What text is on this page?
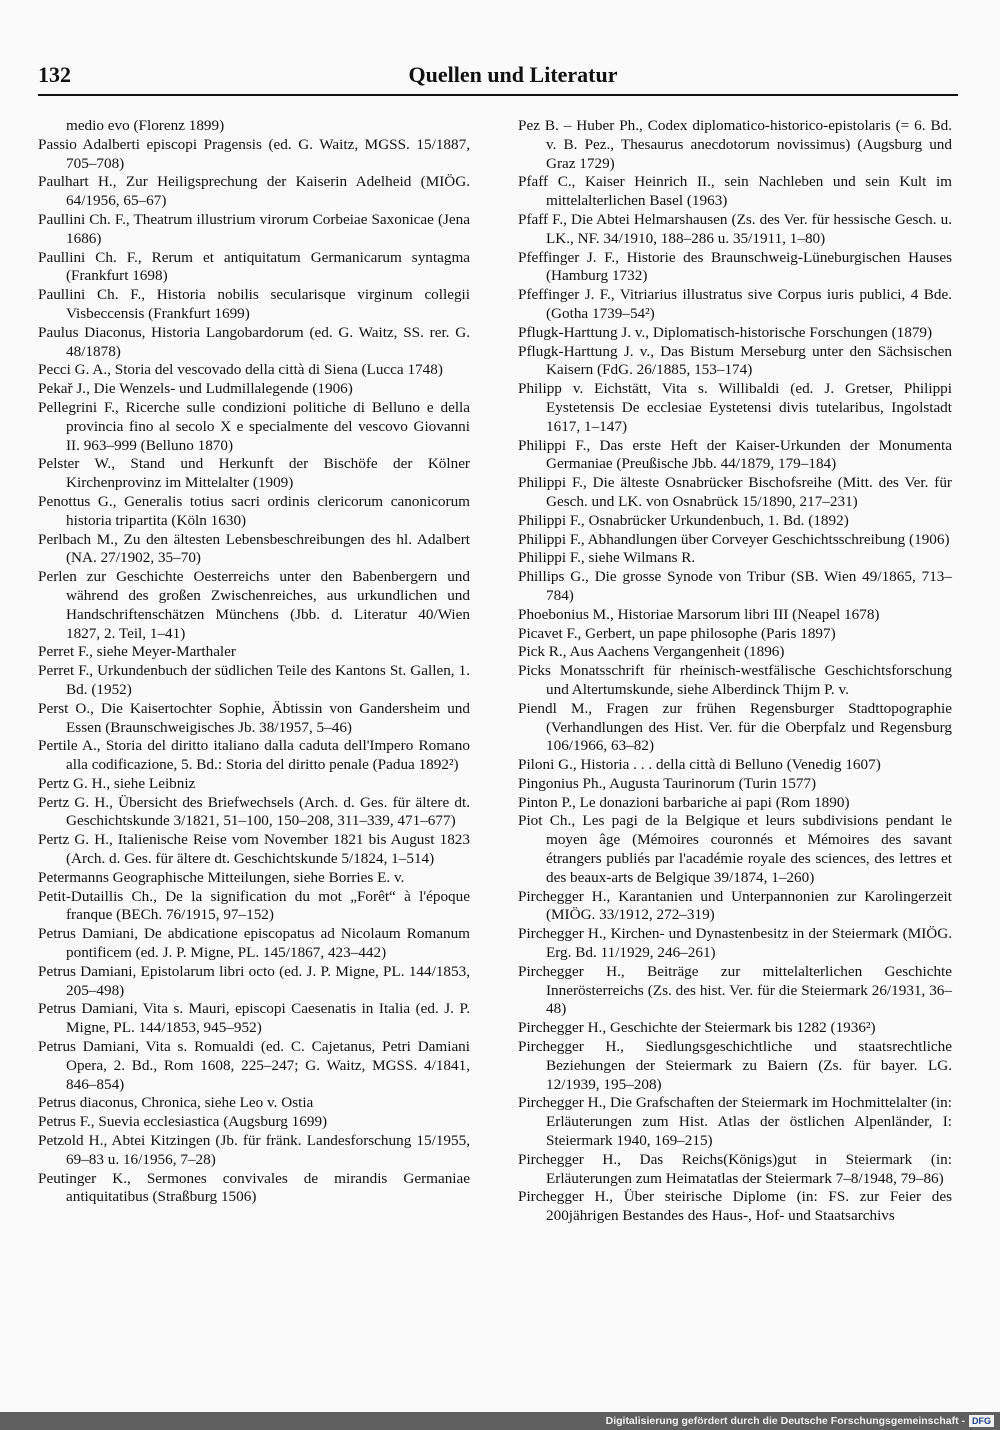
132	Quellen und Literatur

medio evo (Florenz 1899)

Passio Adalberti episcopi Pragensis (ed. G. Waitz, MGSS. 15/1887, 705–708)

Paulhart H., Zur Heiligsprechung der Kaiserin Adelheid (MIÖG. 64/1956, 65–67)

Paullini Ch. F., Theatrum illustrium virorum Corbeiae Saxonicae (Jena 1686)

Paullini Ch. F., Rerum et antiquitatum Germanicarum syntagma (Frankfurt 1698)

Paullini Ch. F., Historia nobilis secularisque virginum collegii Visbeccensis (Frankfurt 1699)

Paulus Diaconus, Historia Langobardorum (ed. G. Waitz, SS. rer. G. 48/1878)

Pecci G. A., Storia del vescovado della città di Siena (Lucca 1748)

Pekař J., Die Wenzels- und Ludmillalegende (1906)

Pellegrini F., Ricerche sulle condizioni politiche di Belluno e della provincia fino al secolo X e specialmente del vescovo Giovanni II. 963–999 (Belluno 1870)

Pelster W., Stand und Herkunft der Bischöfe der Kölner Kirchenprovinz im Mittelalter (1909)

Penottus G., Generalis totius sacri ordinis clericorum canonicorum historia tripartita (Köln 1630)

Perlbach M., Zu den ältesten Lebensbeschreibungen des hl. Adalbert (NA. 27/1902, 35–70)

Perlen zur Geschichte Oesterreichs unter den Babenbergern und während des großen Zwischenreiches, aus urkundlichen und Handschriftenschätzen Münchens (Jbb. d. Literatur 40/Wien 1827, 2. Teil, 1–41)

Perret F., siehe Meyer-Marthaler

Perret F., Urkundenbuch der südlichen Teile des Kantons St. Gallen, 1. Bd. (1952)

Perst O., Die Kaisertochter Sophie, Äbtissin von Gandersheim und Essen (Braunschweigisches Jb. 38/1957, 5–46)

Pertile A., Storia del diritto italiano dalla caduta dell'Impero Romano alla codificazione, 5. Bd.: Storia del diritto penale (Padua 1892²)

Pertz G. H., siehe Leibniz

Pertz G. H., Übersicht des Briefwechsels (Arch. d. Ges. für ältere dt. Geschichtskunde 3/1821, 51–100, 150–208, 311–339, 471–677)

Pertz G. H., Italienische Reise vom November 1821 bis August 1823 (Arch. d. Ges. für ältere dt. Geschichtskunde 5/1824, 1–514)

Petermanns Geographische Mitteilungen, siehe Borries E. v.

Petit-Dutaillis Ch., De la signification du mot „Forêt“ à l'époque franque (BECh. 76/1915, 97–152)

Petrus Damiani, De abdicatione episcopatus ad Nicolaum Romanum pontificem (ed. J. P. Migne, PL. 145/1867, 423–442)

Petrus Damiani, Epistolarum libri octo (ed. J. P. Migne, PL. 144/1853, 205–498)

Petrus Damiani, Vita s. Mauri, episcopi Caesenatis in Italia (ed. J. P. Migne, PL. 144/1853, 945–952)

Petrus Damiani, Vita s. Romualdi (ed. C. Cajetanus, Petri Damiani Opera, 2. Bd., Rom 1608, 225–247; G. Waitz, MGSS. 4/1841, 846–854)

Petrus diaconus, Chronica, siehe Leo v. Ostia

Petrus F., Suevia ecclesiastica (Augsburg 1699)

Petzold H., Abtei Kitzingen (Jb. für fränk. Landesforschung 15/1955, 69–83 u. 16/1956, 7–28)

Peutinger K., Sermones convivales de mirandis Germaniae antiquitatibus (Straßburg 1506)

Pez B. – Huber Ph., Codex diplomatico-historico-epistolaris (= 6. Bd. v. B. Pez., Thesaurus anecdotorum novissimus) (Augsburg und Graz 1729)

Pfaff C., Kaiser Heinrich II., sein Nachleben und sein Kult im mittelalterlichen Basel (1963)

Pfaff F., Die Abtei Helmarshausen (Zs. des Ver. für hessische Gesch. u. LK., NF. 34/1910, 188–286 u. 35/1911, 1–80)

Pfeffinger J. F., Historie des Braunschweig-Lüneburgischen Hauses (Hamburg 1732)

Pfeffinger J. F., Vitriarius illustratus sive Corpus iuris publici, 4 Bde. (Gotha 1739–54²)

Pflugk-Harttung J. v., Diplomatisch-historische Forschungen (1879)

Pflugk-Harttung J. v., Das Bistum Merseburg unter den Sächsischen Kaisern (FdG. 26/1885, 153–174)

Philipp v. Eichstätt, Vita s. Willibaldi (ed. J. Gretser, Philippi Eystetensis De ecclesiae Eystetensi divis tutelaribus, Ingolstadt 1617, 1–147)

Philippi F., Das erste Heft der Kaiser-Urkunden der Monumenta Germaniae (Preußische Jbb. 44/1879, 179–184)

Philippi F., Die älteste Osnabrücker Bischofsreihe (Mitt. des Ver. für Gesch. und LK. von Osnabrück 15/1890, 217–231)

Philippi F., Osnabrücker Urkundenbuch, 1. Bd. (1892)

Philippi F., Abhandlungen über Corveyer Geschichtsschreibung (1906)

Philippi F., siehe Wilmans R.

Phillips G., Die grosse Synode von Tribur (SB. Wien 49/1865, 713–784)

Phoebonius M., Historiae Marsorum libri III (Neapel 1678)

Picavet F., Gerbert, un pape philosophe (Paris 1897)

Pick R., Aus Aachens Vergangenheit (1896)

Picks Monatsschrift für rheinisch-westfälische Geschichtsforschung und Altertumskunde, siehe Alberdinck Thijm P. v.

Piendl M., Fragen zur frühen Regensburger Stadttopographie (Verhandlungen des Hist. Ver. für die Oberpfalz und Regensburg 106/1966, 63–82)

Piloni G., Historia . . . della città di Belluno (Venedig 1607)

Pingonius Ph., Augusta Taurinorum (Turin 1577)

Pinton P., Le donazioni barbariche ai papi (Rom 1890)

Piot Ch., Les pagi de la Belgique et leurs subdivisions pendant le moyen âge (Mémoires couronnés et Mémoires des savant étrangers publiés par l'académie royale des sciences, des lettres et des beaux-arts de Belgique 39/1874, 1–260)

Pirchegger H., Karantanien und Unterpannonien zur Karolingerzeit (MIÖG. 33/1912, 272–319)

Pirchegger H., Kirchen- und Dynastenbesitz in der Steiermark (MIÖG. Erg. Bd. 11/1929, 246–261)

Pirchegger H., Beiträge zur mittelalterlichen Geschichte Innerösterreichs (Zs. des hist. Ver. für die Steiermark 26/1931, 36–48)

Pirchegger H., Geschichte der Steiermark bis 1282 (1936²)

Pirchegger H., Siedlungsgeschichtliche und staatsrechtliche Beziehungen der Steiermark zu Baiern (Zs. für bayer. LG. 12/1939, 195–208)

Pirchegger H., Die Grafschaften der Steiermark im Hochmittelalter (in: Erläuterungen zum Hist. Atlas der östlichen Alpenländer, I: Steiermark 1940, 169–215)

Pirchegger H., Das Reichs(Königs)gut in Steiermark (in: Erläuterungen zum Heimatatlas der Steiermark 7–8/1948, 79–86)

Pirchegger H., Über steirische Diplome (in: FS. zur Feier des 200jährigen Bestandes des Haus-, Hof- und Staatsarchivs

Digitalisierung gefördert durch die Deutsche Forschungsgemeinschaft - DFG
